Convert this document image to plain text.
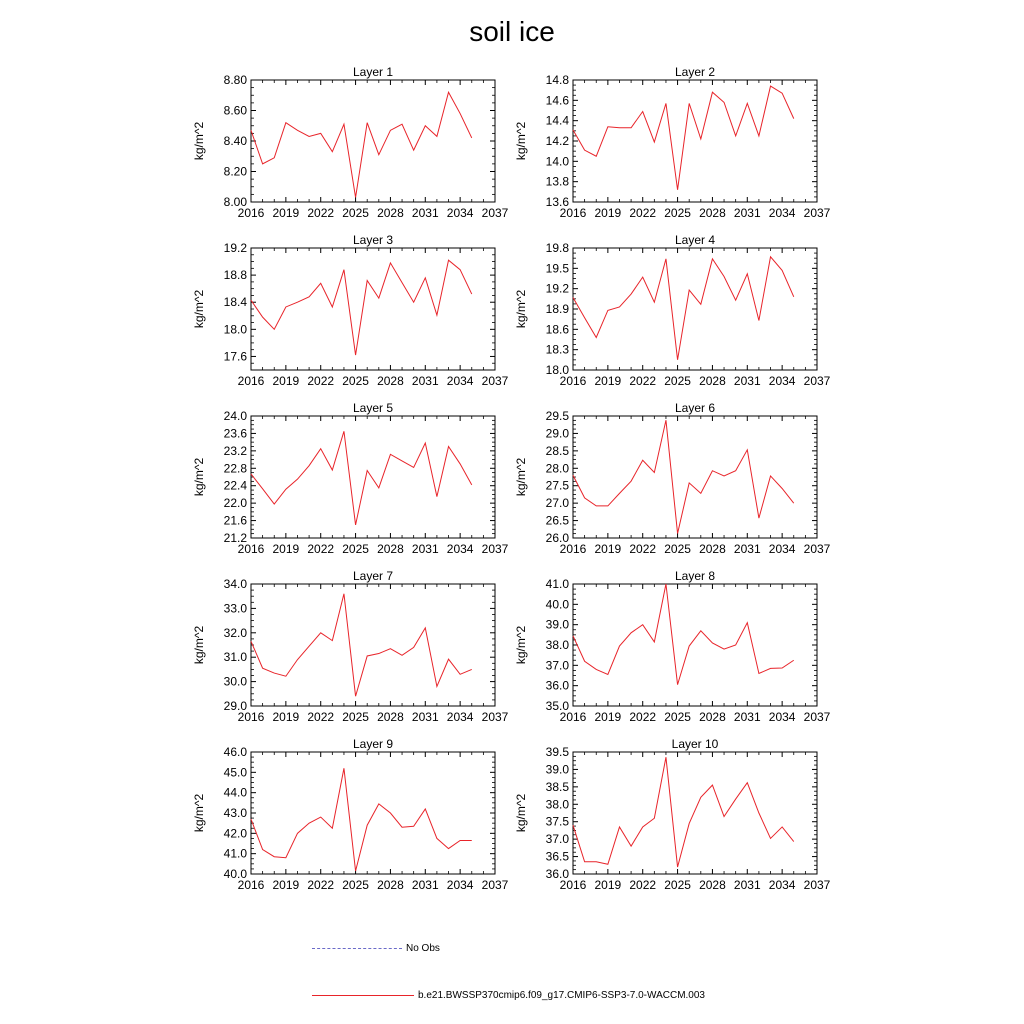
soil ice
Layer 1
2016 2019 2022 2025 2028 2031 2034 2037
8.00
8.20
8.40
8.60
8.80
kg/m^2
Layer 2
2016 2019 2022 2025 2028 2031 2034 2037
13.6
13.8
14.0
14.2
14.4
14.6
14.8
kg/m^2
Layer 3
2016 2019 2022 2025 2028 2031 2034 2037
17.6
18.0
18.4
18.8
19.2
kg/m^2
Layer 4
2016 2019 2022 2025 2028 2031 2034 2037
18.0
18.3
18.6
18.9
19.2
19.5
19.8
kg/m^2
Layer 5
2016 2019 2022 2025 2028 2031 2034 2037
21.2
21.6
22.0
22.4
22.8
23.2
23.6
24.0
kg/m^2
Layer 6
2016 2019 2022 2025 2028 2031 2034 2037
26.0
26.5
27.0
27.5
28.0
28.5
29.0
29.5
kg/m^2
Layer 7
2016 2019 2022 2025 2028 2031 2034 2037
29.0
30.0
31.0
32.0
33.0
34.0
kg/m^2
Layer 8
2016 2019 2022 2025 2028 2031 2034 2037
35.0
36.0
37.0
38.0
39.0
40.0
41.0
kg/m^2
Layer 9
2016 2019 2022 2025 2028 2031 2034 2037
40.0
41.0
42.0
43.0
44.0
45.0
46.0
kg/m^2
Layer 10
2016 2019 2022 2025 2028 2031 2034 2037
36.0
36.5
37.0
37.5
38.0
38.5
39.0
39.5
kg/m^2
No Obs
b.e21.BWSSP370cmip6.f09_g17.CMIP6-SSP3-7.0-WACCM.003
